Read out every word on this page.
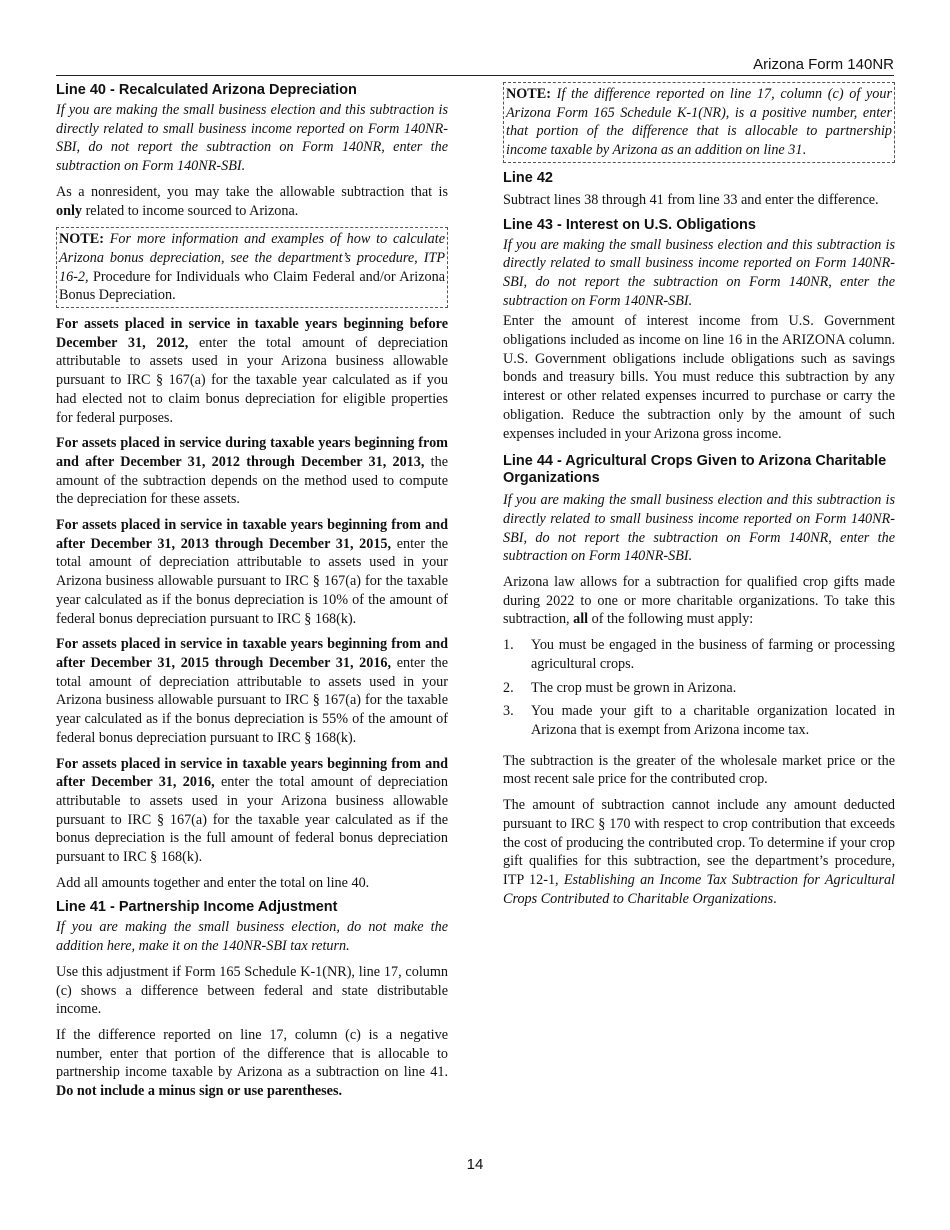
Arizona Form 140NR
Line 40 - Recalculated Arizona Depreciation

If you are making the small business election and this subtraction is directly related to small business income reported on Form 140NR-SBI, do not report the subtraction on Form 140NR, enter the subtraction on Form 140NR-SBI.

As a nonresident, you may take the allowable subtraction that is only related to income sourced to Arizona.

NOTE: For more information and examples of how to calculate Arizona bonus depreciation, see the department’s procedure, ITP 16-2, Procedure for Individuals who Claim Federal and/or Arizona Bonus Depreciation.

For assets placed in service in taxable years beginning before December 31, 2012, enter the total amount of depreciation attributable to assets used in your Arizona business allowable pursuant to IRC § 167(a) for the taxable year calculated as if you had elected not to claim bonus depreciation for eligible properties for federal purposes.

For assets placed in service during taxable years beginning from and after December 31, 2012 through December 31, 2013, the amount of the subtraction depends on the method used to compute the depreciation for these assets.

For assets placed in service in taxable years beginning from and after December 31, 2013 through December 31, 2015, enter the total amount of depreciation attributable to assets used in your Arizona business allowable pursuant to IRC § 167(a) for the taxable year calculated as if the bonus depreciation is 10% of the amount of federal bonus depreciation pursuant to IRC § 168(k).

For assets placed in service in taxable years beginning from and after December 31, 2015 through December 31, 2016, enter the total amount of depreciation attributable to assets used in your Arizona business allowable pursuant to IRC § 167(a) for the taxable year calculated as if the bonus depreciation is 55% of the amount of federal bonus depreciation pursuant to IRC § 168(k).

For assets placed in service in taxable years beginning from and after December 31, 2016, enter the total amount of depreciation attributable to assets used in your Arizona business allowable pursuant to IRC § 167(a) for the taxable year calculated as if the bonus depreciation is the full amount of federal bonus depreciation pursuant to IRC § 168(k).

Add all amounts together and enter the total on line 40.

Line 41 - Partnership Income Adjustment

If you are making the small business election, do not make the addition here, make it on the 140NR-SBI tax return.

Use this adjustment if Form 165 Schedule K-1(NR), line 17, column (c) shows a difference between federal and state distributable income.

If the difference reported on line 17, column (c) is a negative number, enter that portion of the difference that is allocable to partnership income taxable by Arizona as a subtraction on line 41.   Do not include a minus sign or use parentheses.

NOTE: If the difference reported on line 17, column (c) of your Arizona Form 165 Schedule K-1(NR), is a positive number, enter that portion of the difference that is allocable to partnership income taxable by Arizona as an addition on line 31.
Line 42

Subtract lines 38 through 41 from line 33 and enter the difference.

Line 43 - Interest on U.S. Obligations

If you are making the small business election and this subtraction is directly related to small business income reported on Form 140NR-SBI, do not report the subtraction on Form 140NR, enter the subtraction on Form 140NR-SBI.

Enter the amount of interest income from U.S. Government obligations included as income on line 16 in the ARIZONA column. U.S. Government obligations include obligations such as savings bonds and treasury bills. You must reduce this subtraction by any interest or other related expenses incurred to purchase or carry the obligation. Reduce the subtraction only by the amount of such expenses included in your Arizona gross income.

Line 44 - Agricultural Crops Given to Arizona Charitable Organizations

If you are making the small business election and this subtraction is directly related to small business income reported on Form 140NR-SBI, do not report the subtraction on Form 140NR, enter the subtraction on Form 140NR-SBI.

Arizona law allows for a subtraction for qualified crop gifts made during 2022 to one or more charitable organizations. To take this subtraction, all of the following must apply:

1. You must be engaged in the business of farming or processing agricultural crops.
2. The crop must be grown in Arizona.
3. You made your gift to a charitable organization located in Arizona that is exempt from Arizona income tax.

The subtraction is the greater of the wholesale market price or the most recent sale price for the contributed crop.

The amount of subtraction cannot include any amount deducted pursuant to IRC § 170 with respect to crop contribution that exceeds the cost of producing the contributed crop. To determine if your crop gift qualifies for this subtraction, see the department’s procedure, ITP 12-1, Establishing an Income Tax Subtraction for Agricultural Crops Contributed to Charitable Organizations.

14
